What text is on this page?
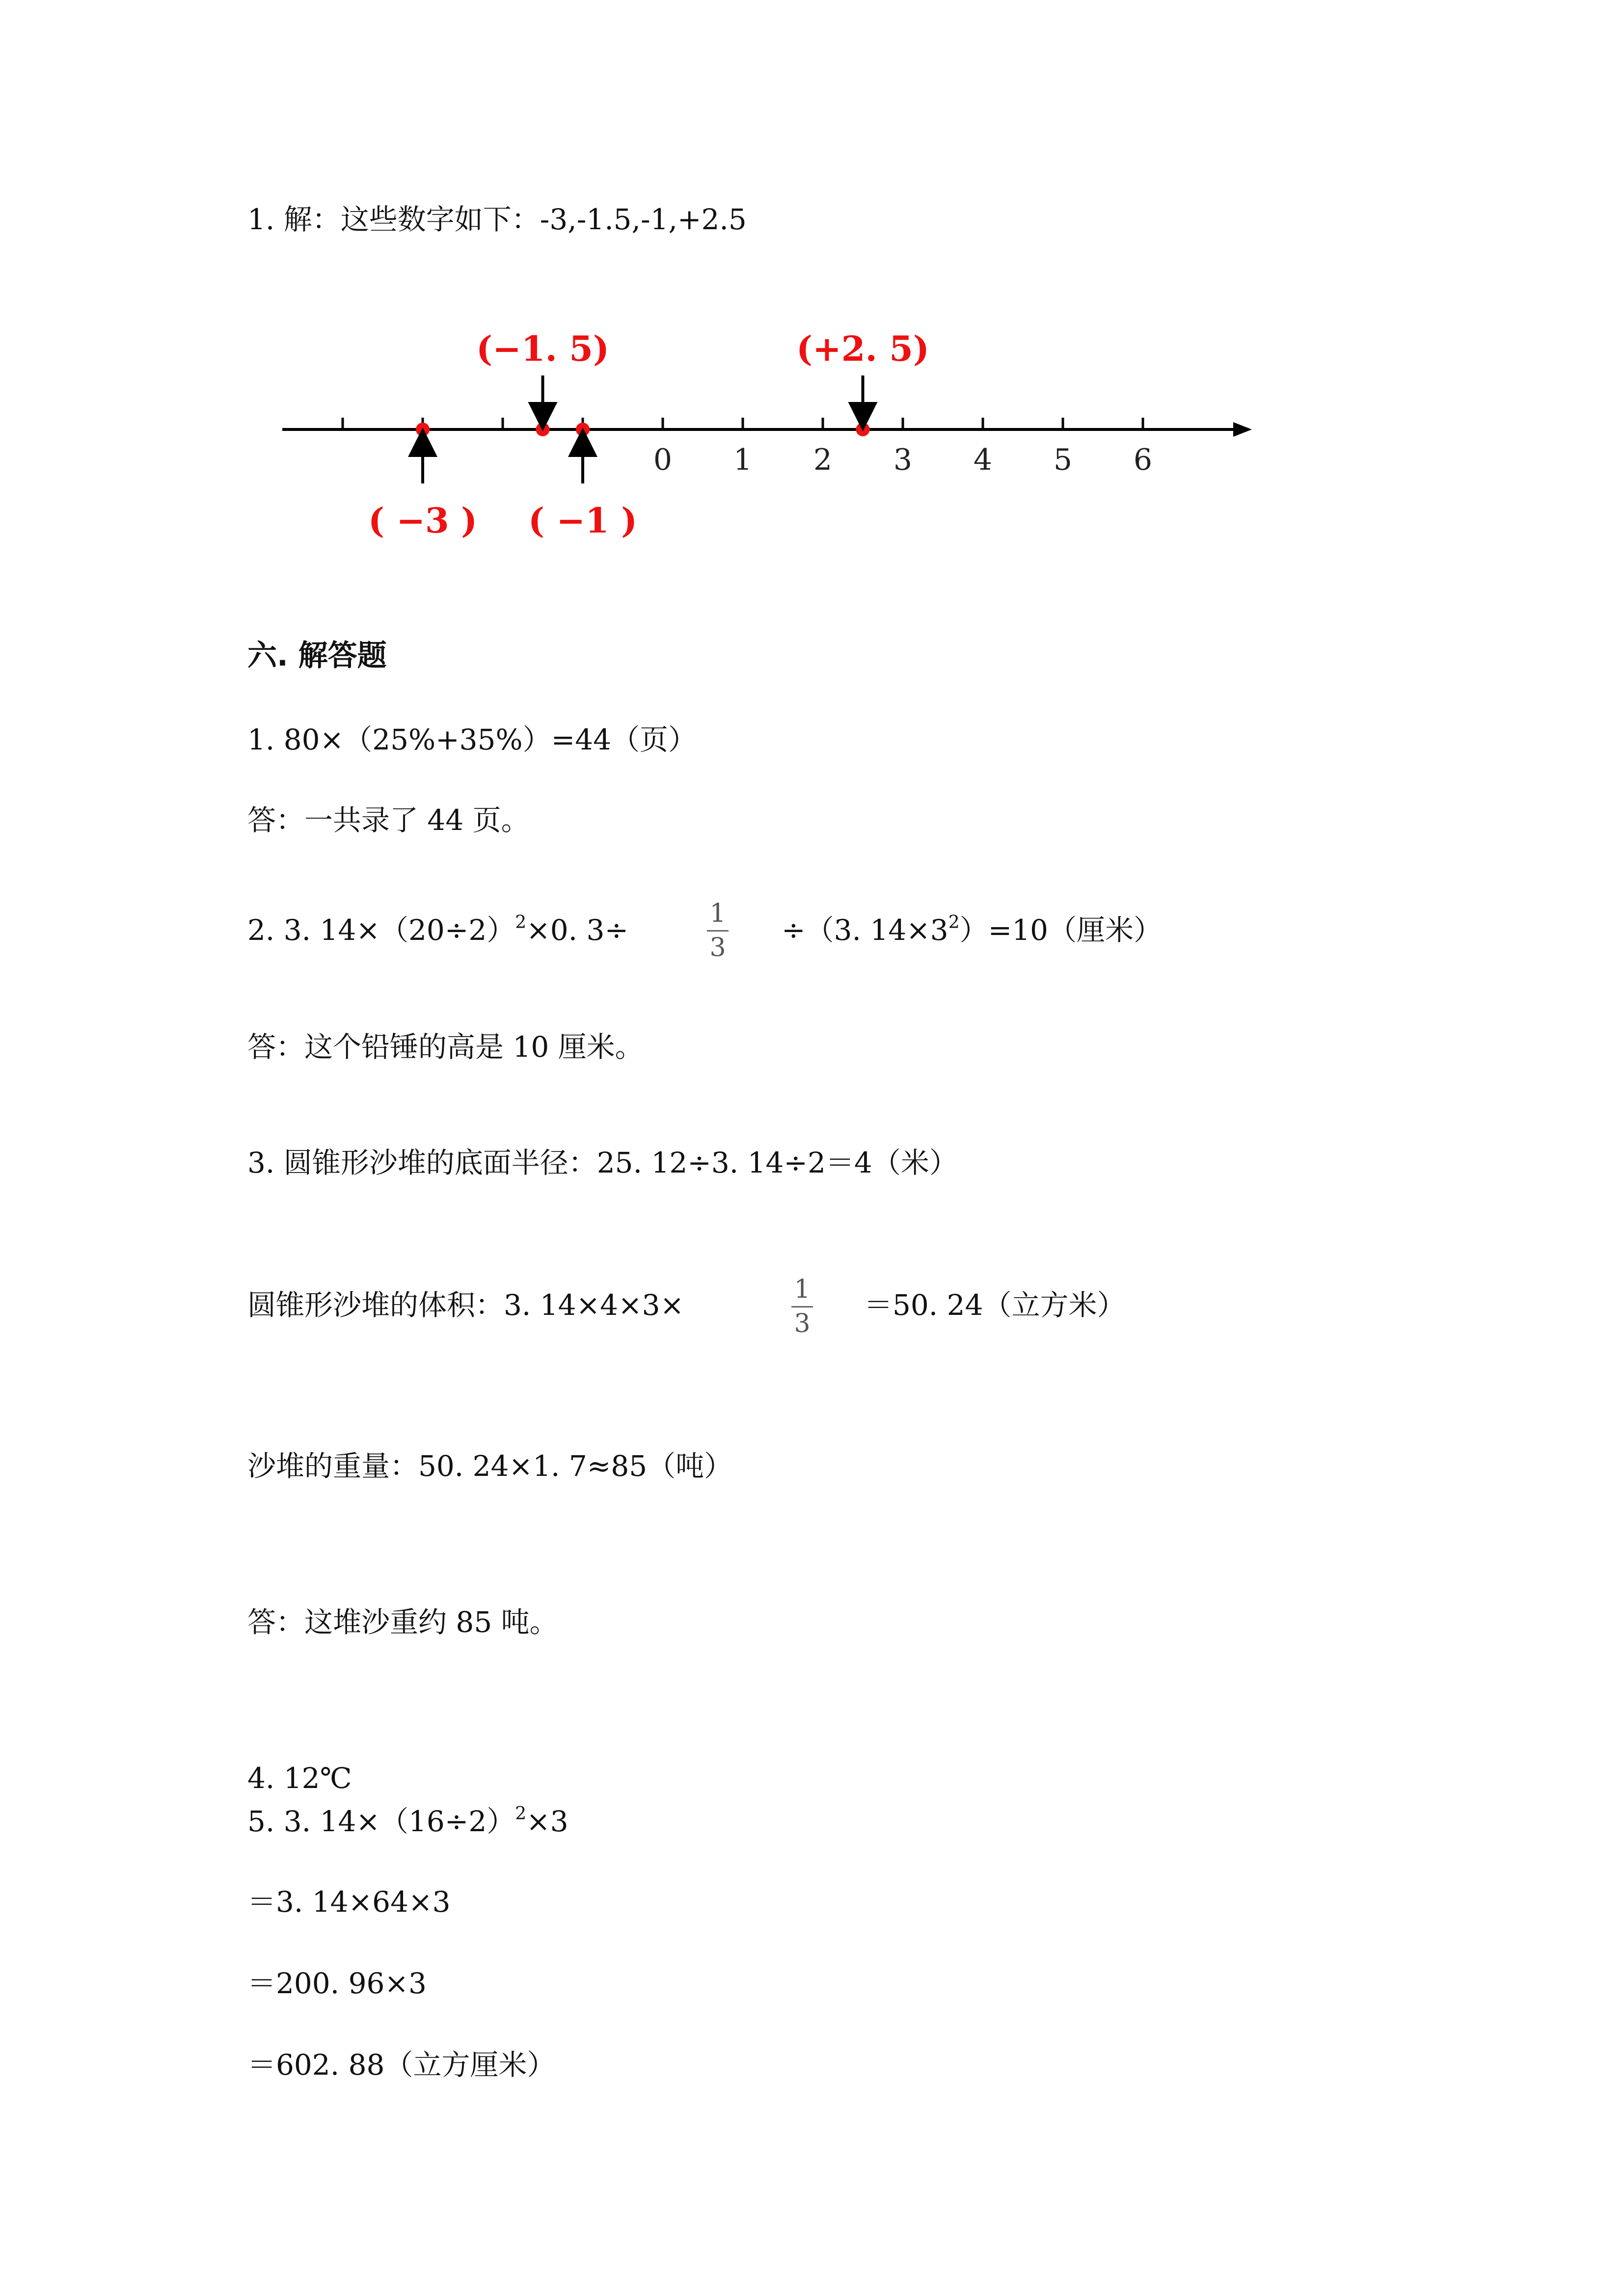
1. 解：这些数字如下：-3,-1.5,-1,+2.5
0 1 2 3 4 5 6
( −3 )
(−1. 5)
( −1 )
(+2. 5)
六. 解答题
1. 80×（25%+35%）=44（页）
答：一共录了 44 页。
2. 3. $14\times(20\div 2)^2\times 0$. 3÷	1
3
÷（3. $14\times 3^2)=10$（厘米）
答：这个铅锤的高是 10 厘米。
3. 圆锥形沙堆的底面半径：25. 12÷3. 14÷2＝4（米）
圆锥形沙堆的体积：3. 14×4×3×	1
3
＝50. 24（立方米）
沙堆的重量：50. 24×1. 7≈85（吨）
答：这堆沙重约 85 吨。
4. 12℃
5. 3. $14\times(16\div 2)^2\times 3$
＝3. 14×64×3
＝200. 96×3
＝602. 88（立方厘米）
